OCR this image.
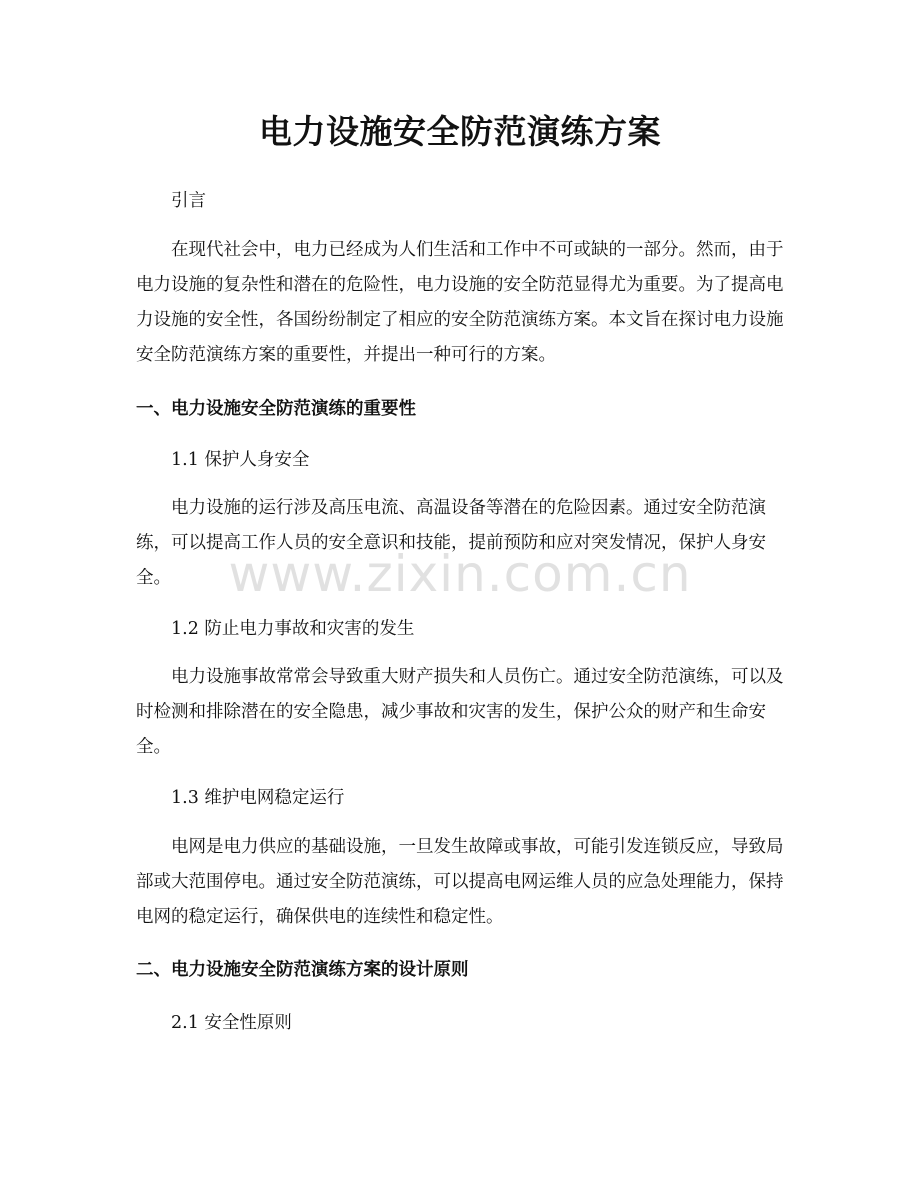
电力设施安全防范演练方案

引言

在现代社会中，电力已经成为人们生活和工作中不可或缺的一部分。然而，由于电力设施的复杂性和潜在的危险性，电力设施的安全防范显得尤为重要。为了提高电力设施的安全性，各国纷纷制定了相应的安全防范演练方案。本文旨在探讨电力设施安全防范演练方案的重要性，并提出一种可行的方案。

一、电力设施安全防范演练的重要性

1.1 保护人身安全

电力设施的运行涉及高压电流、高温设备等潜在的危险因素。通过安全防范演练，可以提高工作人员的安全意识和技能，提前预防和应对突发情况，保护人身安全。

1.2 防止电力事故和灾害的发生

电力设施事故常常会导致重大财产损失和人员伤亡。通过安全防范演练，可以及时检测和排除潜在的安全隐患，减少事故和灾害的发生，保护公众的财产和生命安全。

1.3 维护电网稳定运行

电网是电力供应的基础设施，一旦发生故障或事故，可能引发连锁反应，导致局部或大范围停电。通过安全防范演练，可以提高电网运维人员的应急处理能力，保持电网的稳定运行，确保供电的连续性和稳定性。

二、电力设施安全防范演练方案的设计原则

2.1 安全性原则

www.zixin.com.cn
